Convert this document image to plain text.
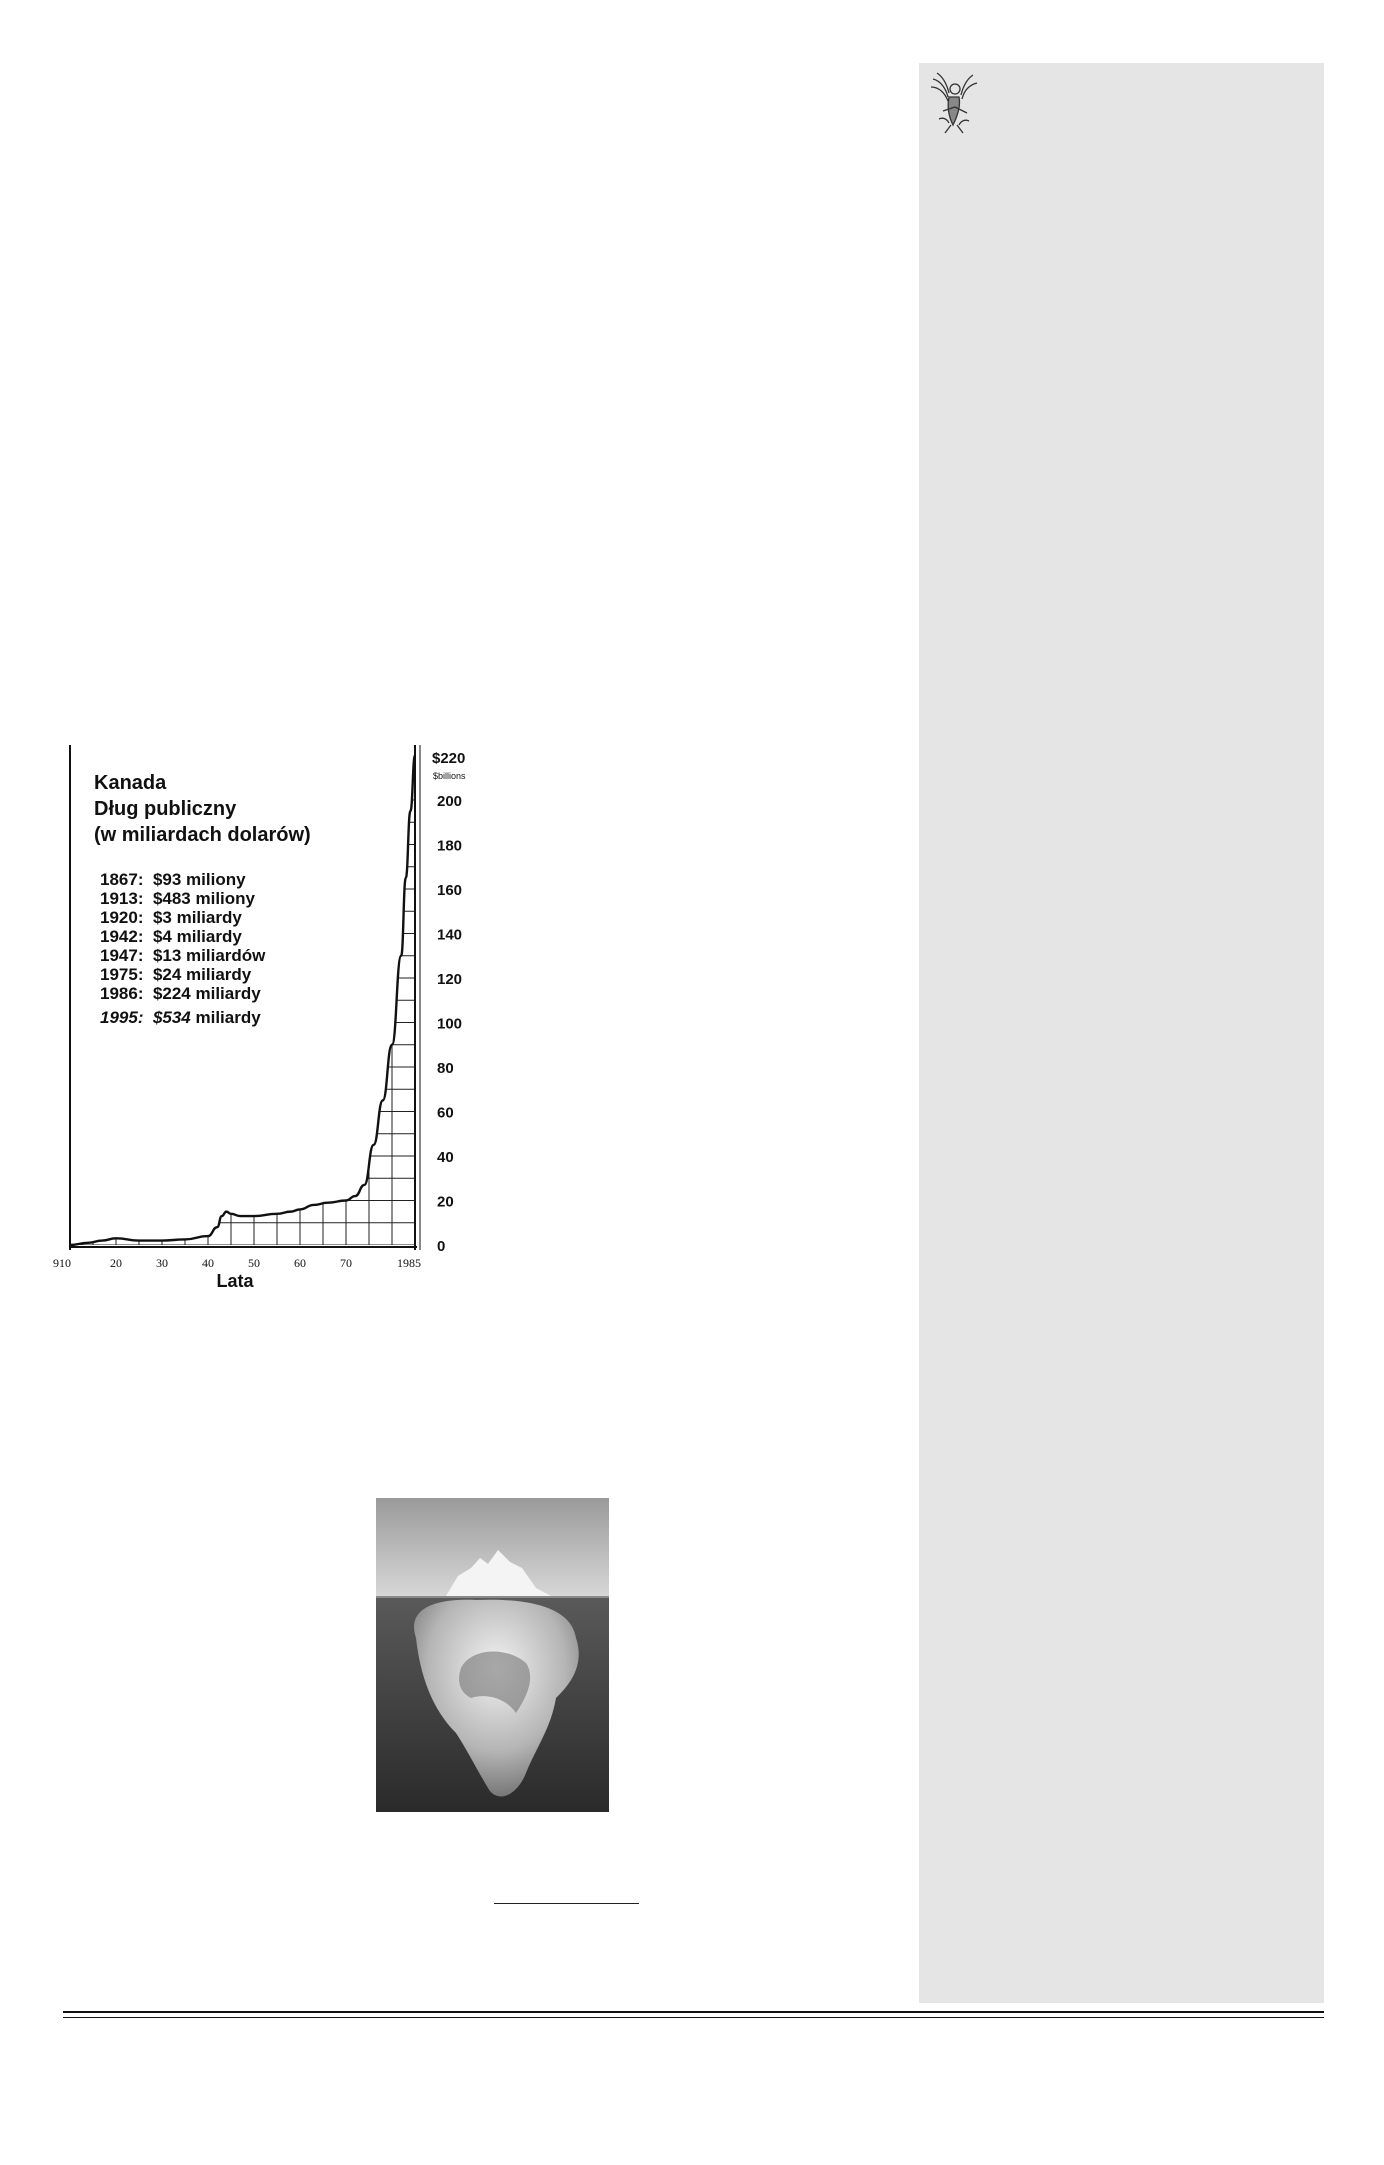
Kanada
Dług publiczny
(w miliardach dolarów)
1867:  $93 miliony
1913:  $483 miliony
1920:  $3 miliardy
1942:  $4 miliardy
1947:  $13 miliardów
1975:  $24 miliardy
1986:  $224 miliardy
1995:  $534 miliardy
200
180
160
140
120
100
80
60
40
20
0
$220
$billions
910	20	30	40	50	60	70	1985
Lata
